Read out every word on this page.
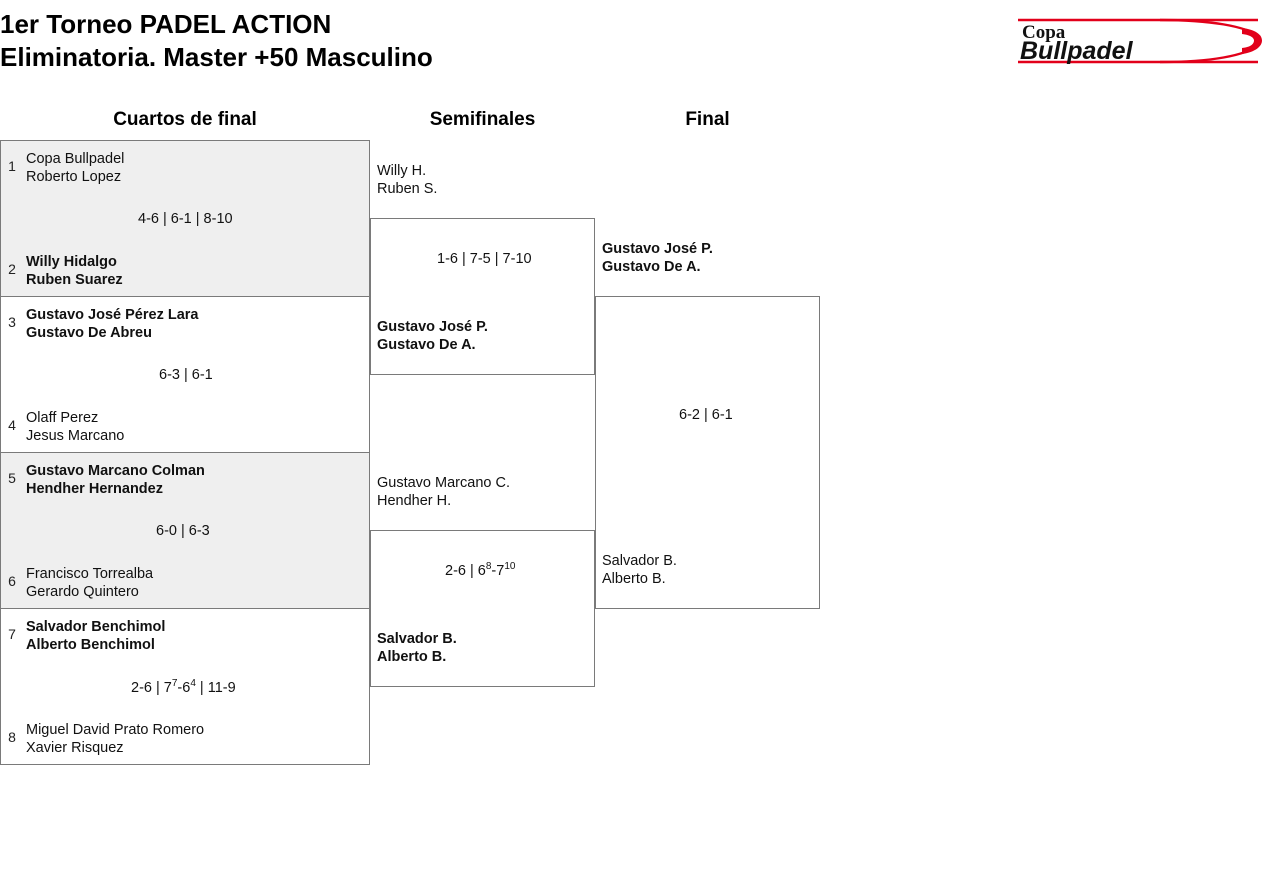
1er Torneo PADEL ACTION
Eliminatoria. Master +50 Masculino
Copa
Bullpadel
Cuartos de final	Semifinales	Final
1 Copa Bullpadel
Roberto Lopez
4-6 | 6-1 | 8-10
2 Willy Hidalgo
Ruben Suarez
3 Gustavo José Pérez Lara
Gustavo De Abreu
6-3 | 6-1
4 Olaff Perez
Jesus Marcano
5 Gustavo Marcano Colman
Hendher Hernandez
6-0 | 6-3
6 Francisco Torrealba
Gerardo Quintero
7 Salvador Benchimol
Alberto Benchimol
2-6 | $7^7-6^4$ | 11-9
8 Miguel David Prato Romero
Xavier Risquez
Willy H.
Ruben S.
1-6 | 7-5 | 7-10
Gustavo José P.
Gustavo De A.
Gustavo Marcano C.
Hendher H.
2-6 | $6^8-7^{10}$
Salvador B.
Alberto B.
Gustavo José P.
Gustavo De A.
6-2 | 6-1
Salvador B.
Alberto B.
